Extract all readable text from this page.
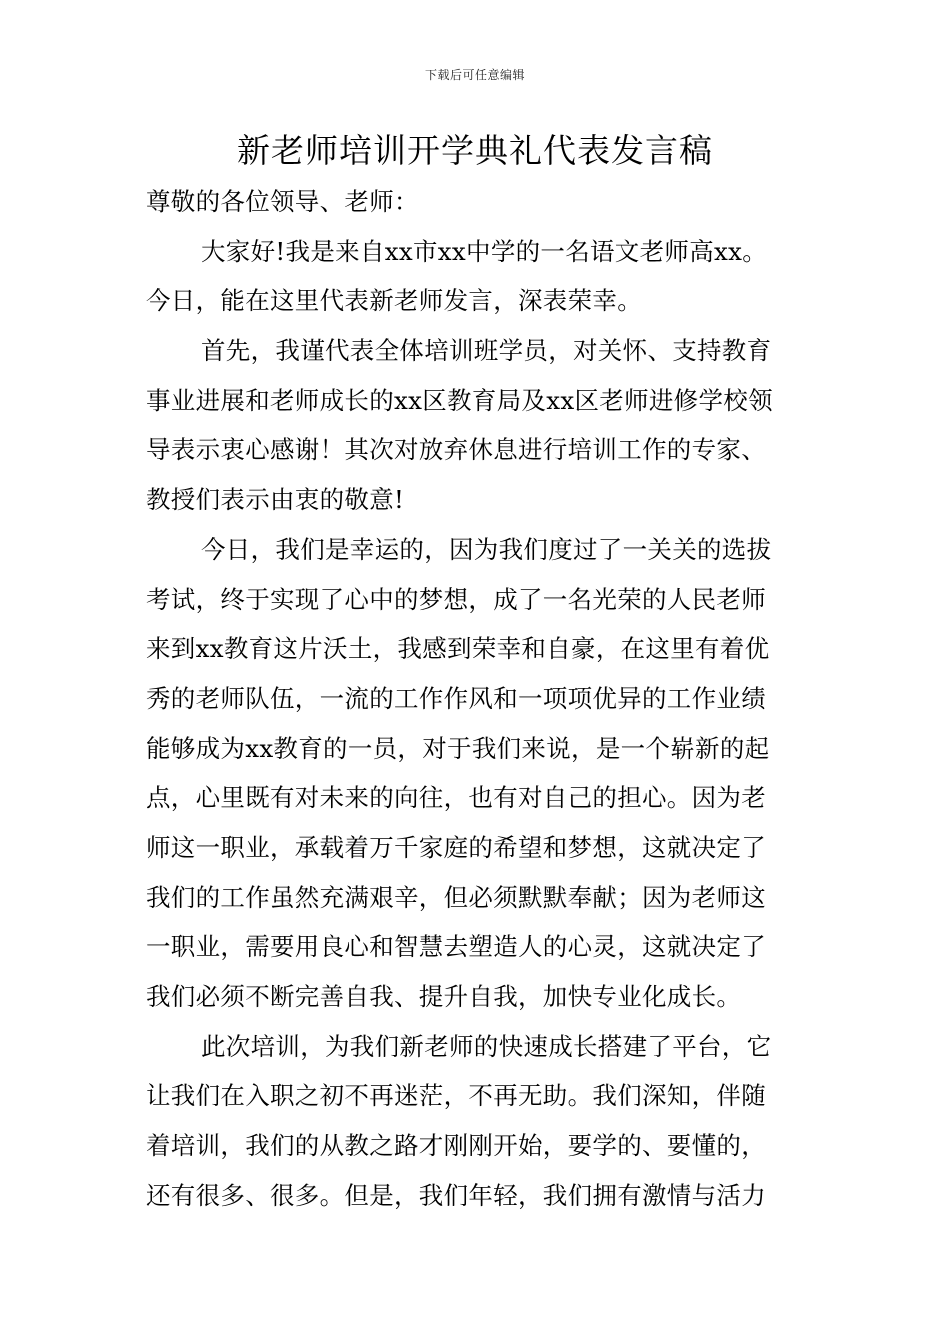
下载后可任意编辑
新老师培训开学典礼代表发言稿
尊敬的各位领导、老师：
大家好!我是来自xx市xx中学的一名语文老师高xx。
今日，能在这里代表新老师发言，深表荣幸。
首先，我谨代表全体培训班学员，对关怀、支持教育
事业进展和老师成长的xx区教育局及xx区老师进修学校领
导表示衷心感谢！其次对放弃休息进行培训工作的专家、
教授们表示由衷的敬意!
今日，我们是幸运的，因为我们度过了一关关的选拔
考试，终于实现了心中的梦想，成了一名光荣的人民老师
来到xx教育这片沃土，我感到荣幸和自豪，在这里有着优
秀的老师队伍，一流的工作作风和一项项优异的工作业绩
能够成为xx教育的一员，对于我们来说，是一个崭新的起
点，心里既有对未来的向往，也有对自己的担心。因为老
师这一职业，承载着万千家庭的希望和梦想，这就决定了
我们的工作虽然充满艰辛，但必须默默奉献；因为老师这
一职业，需要用良心和智慧去塑造人的心灵，这就决定了
我们必须不断完善自我、提升自我，加快专业化成长。
此次培训，为我们新老师的快速成长搭建了平台，它
让我们在入职之初不再迷茫，不再无助。我们深知，伴随
着培训，我们的从教之路才刚刚开始，要学的、要懂的，
还有很多、很多。但是，我们年轻，我们拥有激情与活力
